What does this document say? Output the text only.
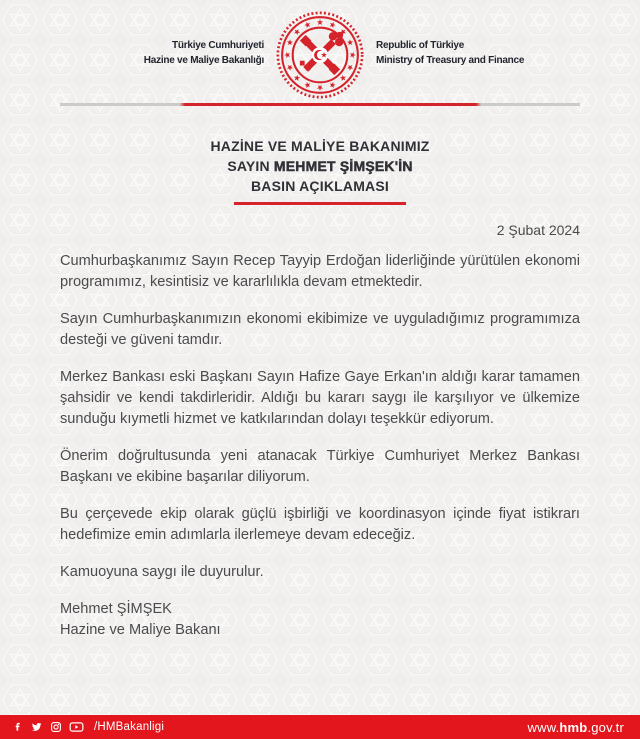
Türkiye Cumhuriyeti
Hazine ve Maliye Bakanlığı
Republic of Türkiye
Ministry of Treasury and Finance
HAZİNE VE MALİYE BAKANIMIZ
SAYIN MEHMET ŞİMŞEK'İN
BASIN AÇIKLAMASI
2 Şubat 2024

Cumhurbaşkanımız Sayın Recep Tayyip Erdoğan liderliğinde yürütülen ekonomi programımız, kesintisiz ve kararlılıkla devam etmektedir.

Sayın Cumhurbaşkanımızın ekonomi ekibimize ve uyguladığımız programımıza desteği ve güveni tamdır.

Merkez Bankası eski Başkanı Sayın Hafize Gaye Erkan'ın aldığı karar tamamen şahsidir ve kendi takdirleridir. Aldığı bu kararı saygı ile karşılıyor ve ülkemize sunduğu kıymetli hizmet ve katkılarından dolayı teşekkür ediyorum.

Önerim doğrultusunda yeni atanacak Türkiye Cumhuriyet Merkez Bankası Başkanı ve ekibine başarılar diliyorum.

Bu çerçevede ekip olarak güçlü işbirliği ve koordinasyon içinde fiyat istikrarı hedefimize emin adımlarla ilerlemeye devam edeceğiz.

Kamuoyuna saygı ile duyurulur.

Mehmet ŞİMŞEK
Hazine ve Maliye Bakanı
/HMBakanligi	www.hmb.gov.tr
